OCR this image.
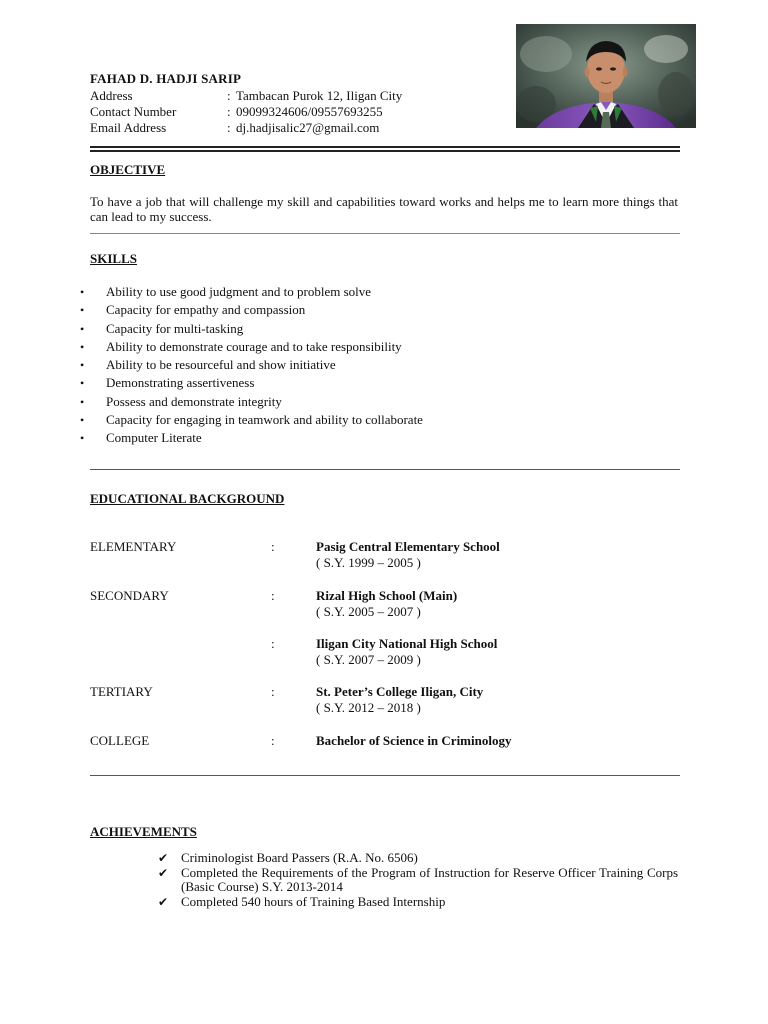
FAHAD D. HADJI SARIP
Address	: Tambacan Purok 12, Iligan City
Contact Number	: 09099324606/09557693255
Email Address	: dj.hadjisalic27@gmail.com
OBJECTIVE
To have a job that will challenge my skill and capabilities toward works and helps me to learn more things that can lead to my success.
SKILLS
• Ability to use good judgment and to problem solve
• Capacity for empathy and compassion
• Capacity for multi-tasking
• Ability to demonstrate courage and to take responsibility
• Ability to be resourceful and show initiative
• Demonstrating assertiveness
• Possess and demonstrate integrity
• Capacity for engaging in teamwork and ability to collaborate
• Computer Literate
EDUCATIONAL BACKGROUND
ELEMENTARY	:	Pasig Central Elementary School
( S.Y. 1999 – 2005 )
SECONDARY	:	Rizal High School (Main)
( S.Y. 2005 – 2007 )
:	Iligan City National High School
( S.Y. 2007 – 2009 )
TERTIARY	:	St. Peter’s College Iligan, City
( S.Y. 2012 – 2018 )
COLLEGE	:	Bachelor of Science in Criminology
ACHIEVEMENTS
✔ Criminologist Board Passers (R.A. No. 6506)
✔ Completed the Requirements of the Program of Instruction for Reserve Officer Training Corps (Basic Course) S.Y. 2013-2014
✔ Completed 540 hours of Training Based Internship
